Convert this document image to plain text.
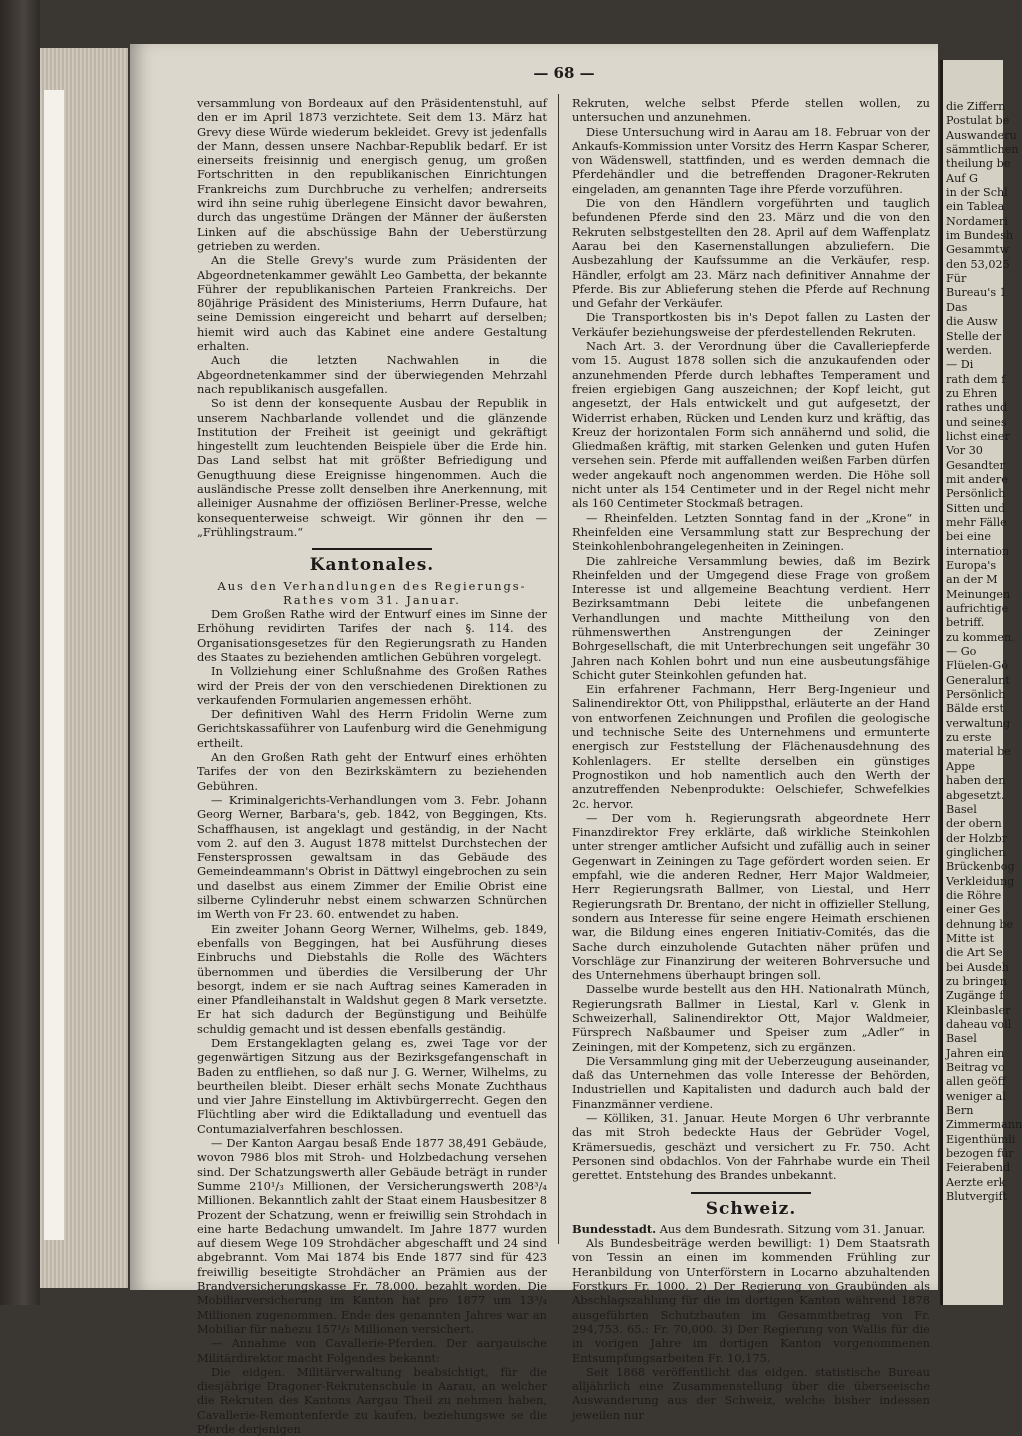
— 68 —

versammlung von Bordeaux auf den Präsidentenstuhl, auf den er im April 1873 verzichtete. Seit dem 13. März hat Grevy diese Würde wiederum bekleidet. Grevy ist jedenfalls der Mann, dessen unsere Nachbar-Republik bedarf. Er ist einerseits freisinnig und energisch genug, um großen Fortschritten in den republikanischen Einrichtungen Frankreichs zum Durchbruche zu verhelfen; andrerseits wird ihn seine ruhig überlegene Einsicht davor bewahren, durch das ungestüme Drängen der Männer der äußersten Linken auf die abschüssige Bahn der Ueberstürzung getrieben zu werden.

An die Stelle Grevy's wurde zum Präsidenten der Abgeordnetenkammer gewählt Leo Gambetta, der bekannte Führer der republikanischen Parteien Frankreichs. Der 80jährige Präsident des Ministeriums, Herrn Dufaure, hat seine Demission eingereicht und beharrt auf derselben; hiemit wird auch das Kabinet eine andere Gestaltung erhalten.

Auch die letzten Nachwahlen in die Abgeordnetenkammer sind der überwiegenden Mehrzahl nach republikanisch ausgefallen.

So ist denn der konsequente Ausbau der Republik in unserem Nachbarlande vollendet und die glänzende Institution der Freiheit ist geeinigt und gekräftigt hingestellt zum leuchtenden Beispiele über die Erde hin. Das Land selbst hat mit größter Befriedigung und Genugthuung diese Ereignisse hingenommen. Auch die ausländische Presse zollt denselben ihre Anerkennung, mit alleiniger Ausnahme der offiziösen Berliner-Presse, welche konsequenterweise schweigt. Wir gönnen ihr den — „Frühlingstraum.“

Kantonales.

Aus den Verhandlungen des Regierungs-Rathes vom 31. Januar.

Dem Großen Rathe wird der Entwurf eines im Sinne der Erhöhung revidirten Tarifes der nach §. 114. des Organisationsgesetzes für den Regierungsrath zu Handen des Staates zu beziehenden amtlichen Gebühren vorgelegt.

In Vollziehung einer Schlußnahme des Großen Rathes wird der Preis der von den verschiedenen Direktionen zu verkaufenden Formularien angemessen erhöht.

Der definitiven Wahl des Herrn Fridolin Werne zum Gerichtskassaführer von Laufenburg wird die Genehmigung ertheilt.

An den Großen Rath geht der Entwurf eines erhöhten Tarifes der von den Bezirkskämtern zu beziehenden Gebühren.

— Kriminalgerichts-Verhandlungen vom 3. Febr. Johann Georg Werner, Barbara's, geb. 1842, von Beggingen, Kts. Schaffhausen, ist angeklagt und geständig, in der Nacht vom 2. auf den 3. August 1878 mittelst Durchstechen der Fenstersprossen gewaltsam in das Gebäude des Gemeindeammann's Obrist in Dättwyl eingebrochen zu sein und daselbst aus einem Zimmer der Emilie Obrist eine silberne Cylinderuhr nebst einem schwarzen Schnürchen im Werth von Fr 23. 60. entwendet zu haben.

Ein zweiter Johann Georg Werner, Wilhelms, geb. 1849, ebenfalls von Beggingen, hat bei Ausführung dieses Einbruchs und Diebstahls die Rolle des Wächters übernommen und überdies die Versilberung der Uhr besorgt, indem er sie nach Auftrag seines Kameraden in einer Pfandleihanstalt in Waldshut gegen 8 Mark versetzte. Er hat sich dadurch der Begünstigung und Beihülfe schuldig gemacht und ist dessen ebenfalls geständig.

Dem Erstangeklagten gelang es, zwei Tage vor der gegenwärtigen Sitzung aus der Bezirksgefangenschaft in Baden zu entfliehen, so daß nur J. G. Werner, Wilhelms, zu beurtheilen bleibt. Dieser erhält sechs Monate Zuchthaus und vier Jahre Einstellung im Aktivbürgerrecht. Gegen den Flüchtling aber wird die Ediktalladung und eventuell das Contumazialverfahren beschlossen.

— Der Kanton Aargau besaß Ende 1877 38,491 Gebäude, wovon 7986 blos mit Stroh- und Holzbedachung versehen sind. Der Schatzungswerth aller Gebäude beträgt in runder Summe 210¹/₃ Millionen, der Versicherungswerth 208³/₄ Millionen. Bekanntlich zahlt der Staat einem Hausbesitzer 8 Prozent der Schatzung, wenn er freiwillig sein Strohdach in eine harte Bedachung umwandelt. Im Jahre 1877 wurden auf diesem Wege 109 Strohdächer abgeschafft und 24 sind abgebrannt. Vom Mai 1874 bis Ende 1877 sind für 423 freiwillig beseitigte Strohdächer an Prämien aus der Brandversicherungskasse Fr. 78,000. bezahlt worden. Die Mobiliarversicherung im Kanton hat pro 1877 um 13³/₄ Millionen zugenommen. Ende des genannten Jahres war an Mobiliar für nahezu 157¹/₂ Millionen versichert.

— Annahme von Cavallerie-Pferden. Der aargauische Militärdirektor macht Folgendes bekannt:

Die eidgen. Militärverwaltung beabsichtigt, für die diesjährige Dragoner-Rekrutenschule in Aarau, an welcher die Rekruten des Kantons Aargau Theil zu nehmen haben, Cavallerie-Remontenferde zu kaufen, beziehungswe se die Pferde derjenigen

Rekruten, welche selbst Pferde stellen wollen, zu untersuchen und anzunehmen.

Diese Untersuchung wird in Aarau am 18. Februar von der Ankaufs-Kommission unter Vorsitz des Herrn Kaspar Scherer, von Wädenswell, stattfinden, und es werden demnach die Pferdehändler und die betreffenden Dragoner-Rekruten eingeladen, am genannten Tage ihre Pferde vorzuführen.

Die von den Händlern vorgeführten und tauglich befundenen Pferde sind den 23. März und die von den Rekruten selbstgestellten den 28. April auf dem Waffenplatz Aarau bei den Kasernenstallungen abzuliefern. Die Ausbezahlung der Kaufssumme an die Verkäufer, resp. Händler, erfolgt am 23. März nach definitiver Annahme der Pferde. Bis zur Ablieferung stehen die Pferde auf Rechnung und Gefahr der Verkäufer.

Die Transportkosten bis in's Depot fallen zu Lasten der Verkäufer beziehungsweise der pferdestellenden Rekruten.

Nach Art. 3. der Verordnung über die Cavalleriepferde vom 15. August 1878 sollen sich die anzukaufenden oder anzunehmenden Pferde durch lebhaftes Temperament und freien ergiebigen Gang auszeichnen; der Kopf leicht, gut angesetzt, der Hals entwickelt und gut aufgesetzt, der Widerrist erhaben, Rücken und Lenden kurz und kräftig, das Kreuz der horizontalen Form sich annähernd und solid, die Gliedmaßen kräftig, mit starken Gelenken und guten Hufen versehen sein. Pferde mit auffallenden weißen Farben dürfen weder angekauft noch angenommen werden. Die Höhe soll nicht unter als 154 Centimeter und in der Regel nicht mehr als 160 Centimeter Stockmaß betragen.

— Rheinfelden. Letzten Sonntag fand in der „Krone“ in Rheinfelden eine Versammlung statt zur Besprechung der Steinkohlenbohrangelegenheiten in Zeiningen.

Die zahlreiche Versammlung bewies, daß im Bezirk Rheinfelden und der Umgegend diese Frage von großem Interesse ist und allgemeine Beachtung verdient. Herr Bezirksamtmann Debi leitete die unbefangenen Verhandlungen und machte Mittheilung von den rühmenswerthen Anstrengungen der Zeininger Bohrgesellschaft, die mit Unterbrechungen seit ungefähr 30 Jahren nach Kohlen bohrt und nun eine ausbeutungsfähige Schicht guter Steinkohlen gefunden hat.

Ein erfahrener Fachmann, Herr Berg-Ingenieur und Salinendirektor Ott, von Philippsthal, erläuterte an der Hand von entworfenen Zeichnungen und Profilen die geologische und technische Seite des Unternehmens und ermunterte energisch zur Feststellung der Flächenausdehnung des Kohlenlagers. Er stellte derselben ein günstiges Prognostikon und hob namentlich auch den Werth der anzutreffenden Nebenprodukte: Oelschiefer, Schwefelkies 2c. hervor.

— Der vom h. Regierungsrath abgeordnete Herr Finanzdirektor Frey erklärte, daß wirkliche Steinkohlen unter strenger amtlicher Aufsicht und zufällig auch in seiner Gegenwart in Zeiningen zu Tage gefördert worden seien. Er empfahl, wie die anderen Redner, Herr Major Waldmeier, Herr Regierungsrath Ballmer, von Liestal, und Herr Regierungsrath Dr. Brentano, der nicht in offizieller Stellung, sondern aus Interesse für seine engere Heimath erschienen war, die Bildung eines engeren Initiativ-Comités, das die Sache durch einzuholende Gutachten näher prüfen und Vorschläge zur Finanzirung der weiteren Bohrversuche und des Unternehmens überhaupt bringen soll.

Dasselbe wurde bestellt aus den HH. Nationalrath Münch, Regierungsrath Ballmer in Liestal, Karl v. Glenk in Schweizerhall, Salinendirektor Ott, Major Waldmeier, Fürsprech Naßbaumer und Speiser zum „Adler“ in Zeiningen, mit der Kompetenz, sich zu ergänzen.

Die Versammlung ging mit der Ueberzeugung auseinander, daß das Unternehmen das volle Interesse der Behörden, Industriellen und Kapitalisten und dadurch auch bald der Finanzmänner verdiene.

— Kölliken, 31. Januar. Heute Morgen 6 Uhr verbrannte das mit Stroh bedeckte Haus der Gebrüder Vogel, Krämersuedis, geschäzt und versichert zu Fr. 750. Acht Personen sind obdachlos. Von der Fahrhabe wurde ein Theil gerettet. Entstehung des Brandes unbekannt.

Schweiz.

Bundesstadt. Aus dem Bundesrath. Sitzung vom 31. Januar.

Als Bundesbeiträge werden bewilligt: 1) Dem Staatsrath von Tessin an einen im kommenden Frühling zur Heranbildung von Unterförstern in Locarno abzuhaltenden Forstkurs Fr. 1000. 2) Der Regierung von Graubünden als Abschlagszahlung für die im dortigen Kanton während 1878 ausgeführten Schutzbauten im Gesammtbetrag von Fr. 294,753. 65.: Fr. 70,000. 3) Der Regierung von Wallis für die in vorigen Jahre im dortigen Kanton vorgenommenen Entsumpfungsarbeiten Fr. 10,175.

Seit 1868 veröffentlicht das eidgen. statistische Bureau alljährlich eine Zusammenstellung über die überseeische Auswanderung aus der Schweiz, welche bisher indessen jeweilen nur

die Ziffern
Postulat be
Auswanderu
sämmtlichen
theilung be
Auf G
in der Schl
ein Tablea
Nordameri
im Bundesh
Gesammtw
den 53,025
Für
Bureau's 1
Das
die Ausw
Stelle der
werden.
— Di
rath dem f
zu Ehren
rathes und
und seines
lichst einer
Vor 30
Gesandter
mit andere
Persönlich
Sitten und
mehr Fälle
bei eine
internation
Europa's
an der M
Meinungen
aufrichtige
betriff.
zu kommen.
— Go
Flüelen-Gö
Generalunt
Persönlich
Bälde erst
verwaltung
zu erste
material be
Appe
haben den
abgesetzt.
Basel
der obern
der Holzbr
ginglichen
Brückenbog
Verkleidung
die Röhre
einer Ges
dehnung be
Mitte ist
die Art Se
bei Ausdeh
zu bringen
Zugänge f
Kleinbasler
daheau voll
Basel
Jahren ein
Beitrag vo
allen geöff
weniger al
Bern
Zimmermann
Eigenthümli
bezogen für
Feierabend
Aerzte erk
Blutvergift
